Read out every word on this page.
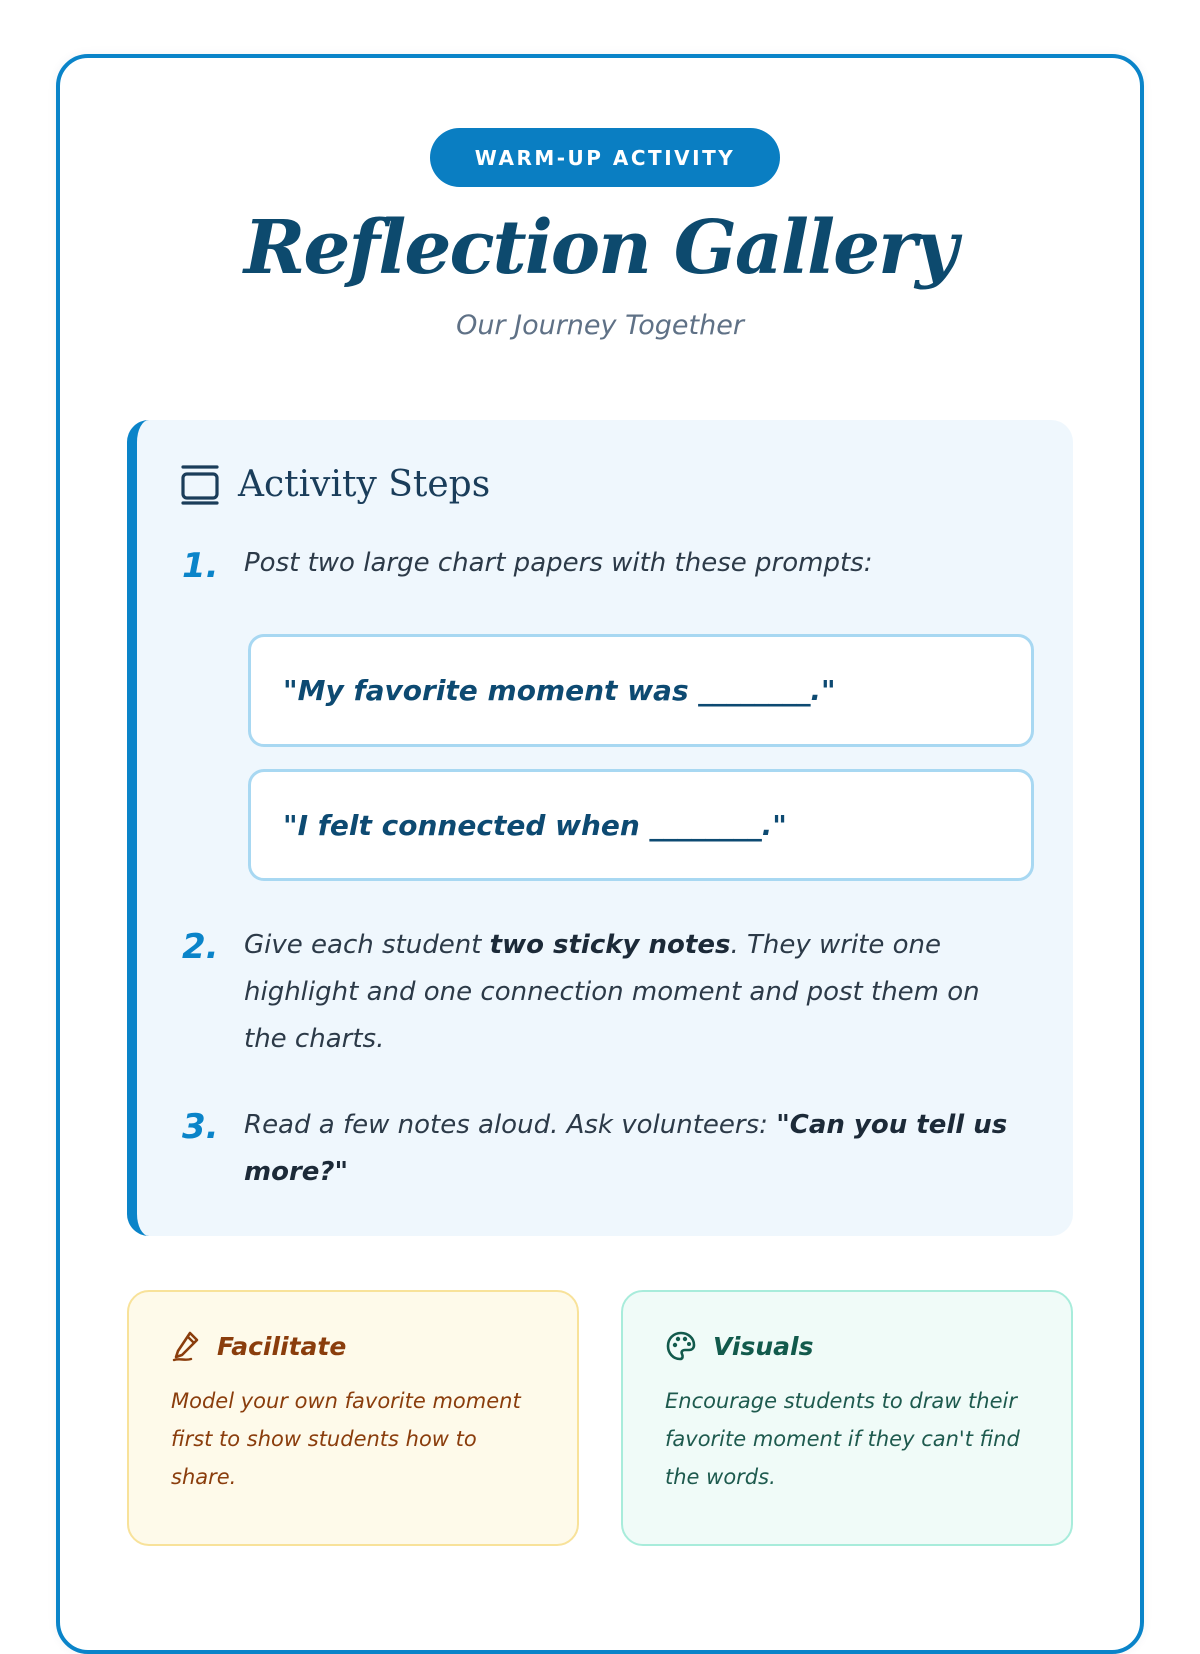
WARM-UP ACTIVITY
Reflection Gallery
Our Journey Together
Activity Steps
1. Post two large chart papers with these prompts:
"My favorite moment was ________."
"I felt connected when ________."
2. Give each student two sticky notes. They write one highlight and one connection moment and post them on the charts.
3. Read a few notes aloud. Ask volunteers: "Can you tell us more?"
Facilitate
Model your own favorite moment first to show students how to share.
Visuals
Encourage students to draw their favorite moment if they can't find the words.
